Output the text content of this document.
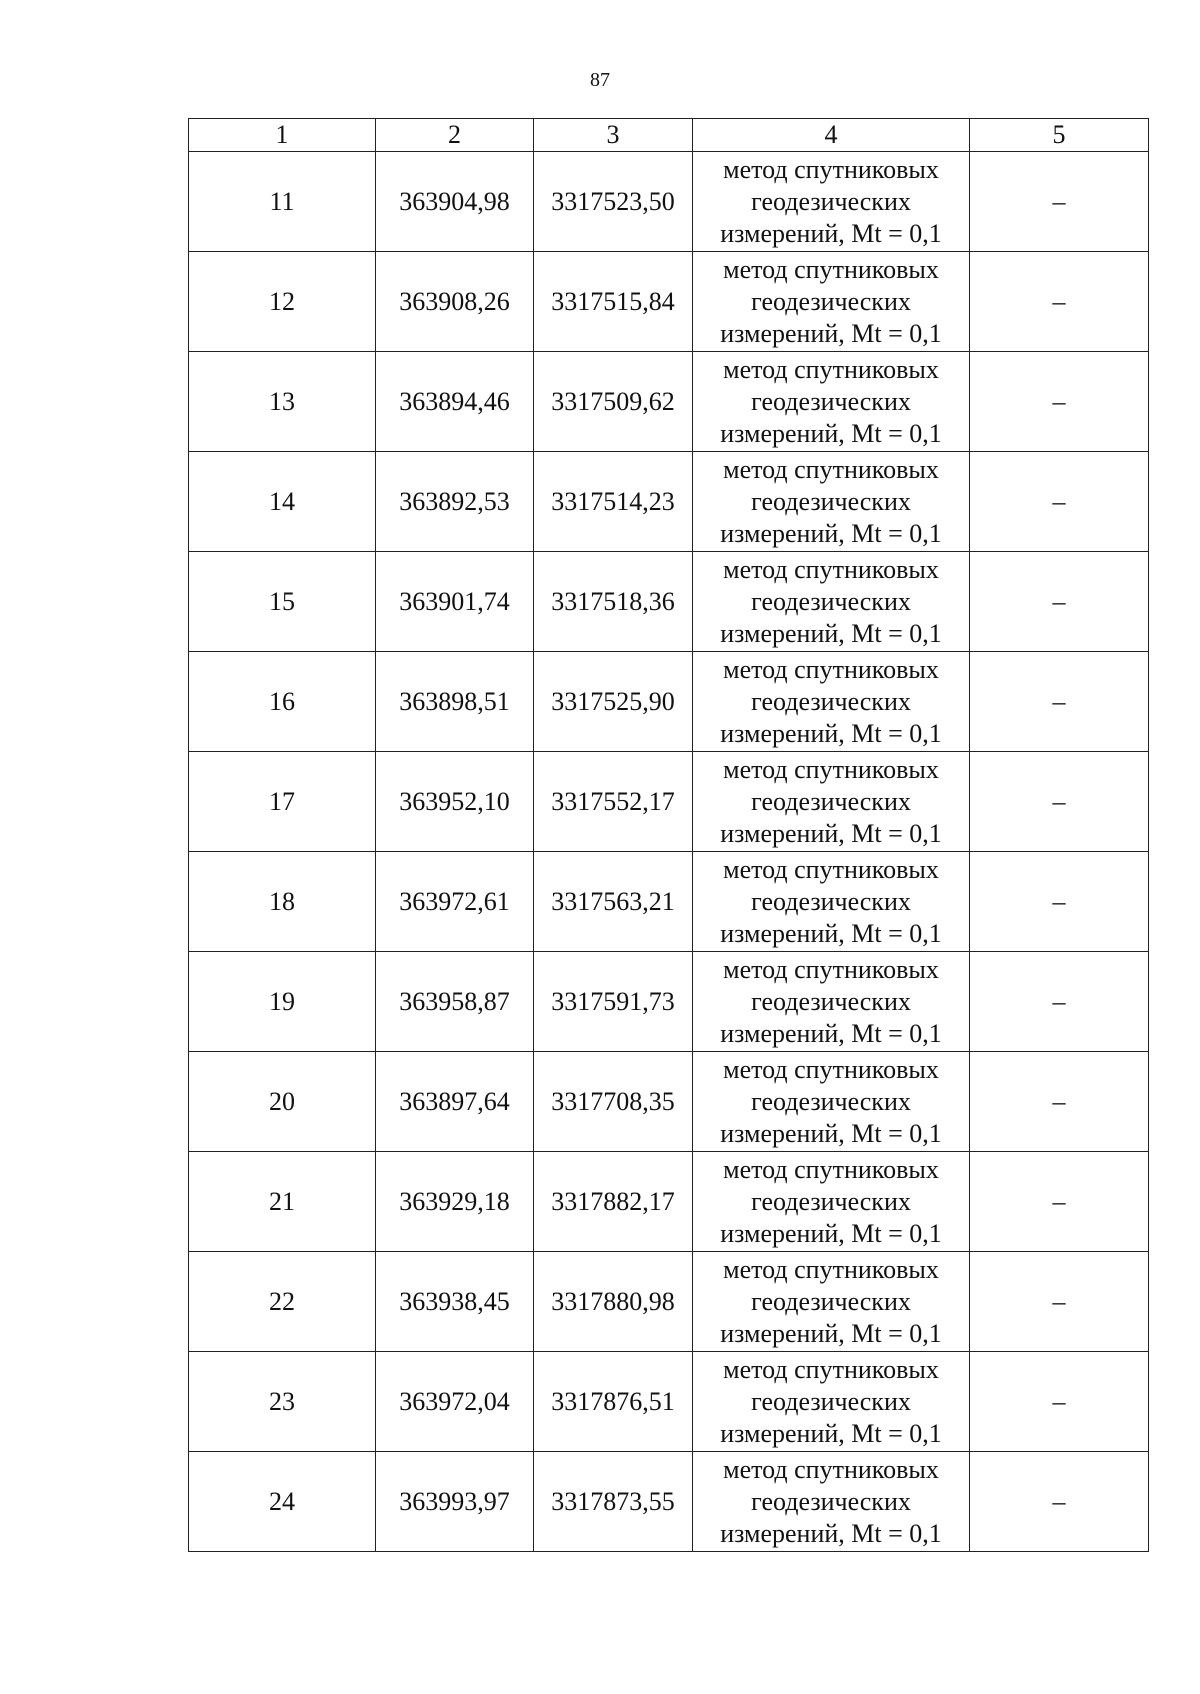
87
1	2	3	4	5
11	363904,98	3317523,50	метод спутниковых
геодезических
измерений, Mt = 0,1	–
12	363908,26	3317515,84	метод спутниковых
геодезических
измерений, Mt = 0,1	–
13	363894,46	3317509,62	метод спутниковых
геодезических
измерений, Mt = 0,1	–
14	363892,53	3317514,23	метод спутниковых
геодезических
измерений, Mt = 0,1	–
15	363901,74	3317518,36	метод спутниковых
геодезических
измерений, Mt = 0,1	–
16	363898,51	3317525,90	метод спутниковых
геодезических
измерений, Mt = 0,1	–
17	363952,10	3317552,17	метод спутниковых
геодезических
измерений, Mt = 0,1	–
18	363972,61	3317563,21	метод спутниковых
геодезических
измерений, Mt = 0,1	–
19	363958,87	3317591,73	метод спутниковых
геодезических
измерений, Mt = 0,1	–
20	363897,64	3317708,35	метод спутниковых
геодезических
измерений, Mt = 0,1	–
21	363929,18	3317882,17	метод спутниковых
геодезических
измерений, Mt = 0,1	–
22	363938,45	3317880,98	метод спутниковых
геодезических
измерений, Mt = 0,1	–
23	363972,04	3317876,51	метод спутниковых
геодезических
измерений, Mt = 0,1	–
24	363993,97	3317873,55	метод спутниковых
геодезических
измерений, Mt = 0,1	–
